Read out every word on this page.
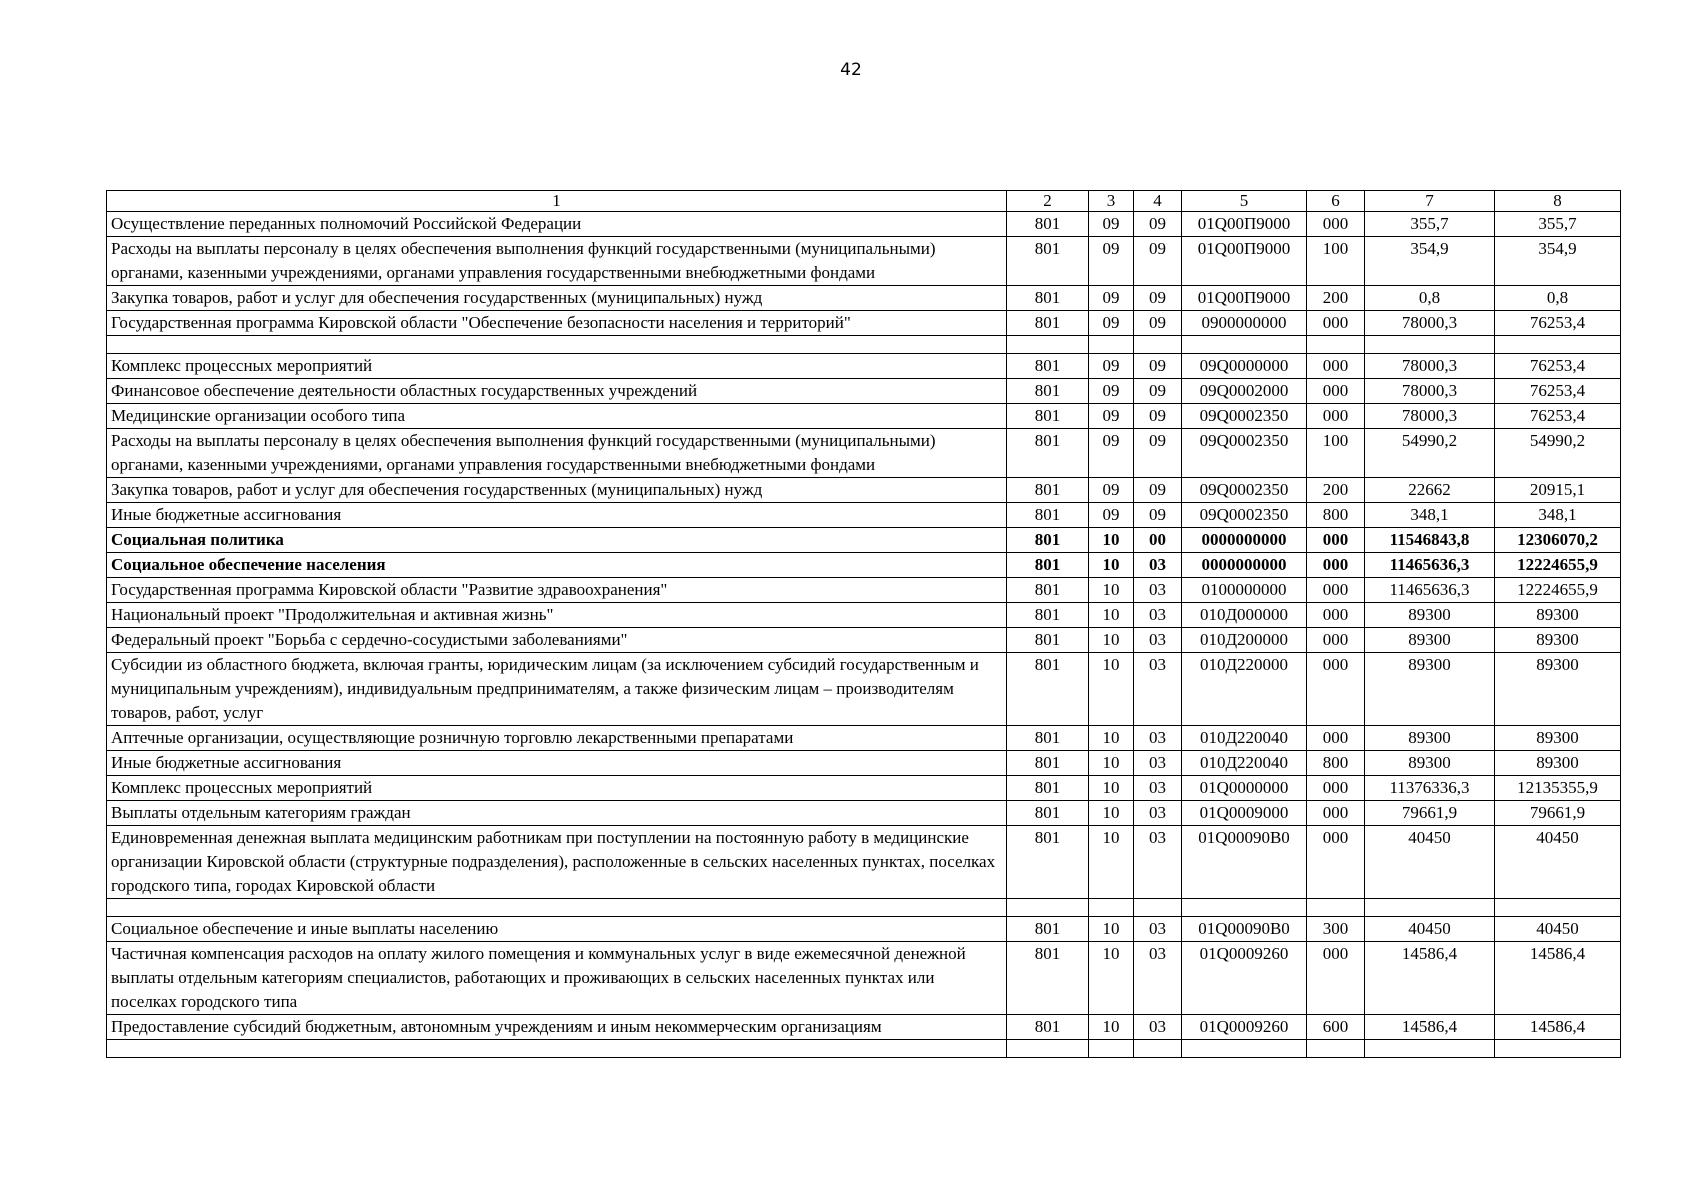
42
1	2	3	4	5	6	7	8
Осуществление переданных полномочий Российской Федерации	801	09	09	01Q00П9000	000	355,7	355,7
Расходы на выплаты персоналу в целях обеспечения выполнения функций государственными (муниципальными) органами, казенными учреждениями, органами управления государственными внебюджетными фондами	801	09	09	01Q00П9000	100	354,9	354,9
Закупка товаров, работ и услуг для обеспечения государственных (муниципальных) нужд	801	09	09	01Q00П9000	200	0,8	0,8
Государственная программа Кировской области "Обеспечение безопасности населения и территорий"	801	09	09	0900000000	000	78000,3	76253,4

Комплекс процессных мероприятий	801	09	09	09Q0000000	000	78000,3	76253,4
Финансовое обеспечение деятельности областных государственных учреждений	801	09	09	09Q0002000	000	78000,3	76253,4
Медицинские организации особого типа	801	09	09	09Q0002350	000	78000,3	76253,4
Расходы на выплаты персоналу в целях обеспечения выполнения функций государственными (муниципальными) органами, казенными учреждениями, органами управления государственными внебюджетными фондами	801	09	09	09Q0002350	100	54990,2	54990,2
Закупка товаров, работ и услуг для обеспечения государственных (муниципальных) нужд	801	09	09	09Q0002350	200	22662	20915,1
Иные бюджетные ассигнования	801	09	09	09Q0002350	800	348,1	348,1
Социальная политика	801	10	00	0000000000	000	11546843,8	12306070,2
Социальное обеспечение населения	801	10	03	0000000000	000	11465636,3	12224655,9
Государственная программа Кировской области "Развитие здравоохранения"	801	10	03	0100000000	000	11465636,3	12224655,9
Национальный проект "Продолжительная и активная жизнь"	801	10	03	010Д000000	000	89300	89300
Федеральный проект "Борьба с сердечно-сосудистыми заболеваниями"	801	10	03	010Д200000	000	89300	89300
Субсидии из областного бюджета, включая гранты, юридическим лицам (за исключением субсидий государственным и муниципальным учреждениям), индивидуальным предпринимателям, а также физическим лицам – производителям товаров, работ, услуг	801	10	03	010Д220000	000	89300	89300
Аптечные организации, осуществляющие розничную торговлю лекарственными препаратами	801	10	03	010Д220040	000	89300	89300
Иные бюджетные ассигнования	801	10	03	010Д220040	800	89300	89300
Комплекс процессных мероприятий	801	10	03	01Q0000000	000	11376336,3	12135355,9
Выплаты отдельным категориям граждан	801	10	03	01Q0009000	000	79661,9	79661,9
Единовременная денежная выплата медицинским работникам при поступлении на постоянную работу в медицинские организации Кировской области (структурные подразделения), расположенные в сельских населенных пунктах, поселках городского типа, городах Кировской области	801	10	03	01Q00090B0	000	40450	40450

Социальное обеспечение и иные выплаты населению	801	10	03	01Q00090B0	300	40450	40450
Частичная компенсация расходов на оплату жилого помещения и коммунальных услуг в виде ежемесячной денежной выплаты отдельным категориям специалистов, работающих и проживающих в сельских населенных пунктах или поселках городского типа	801	10	03	01Q0009260	000	14586,4	14586,4
Предоставление субсидий бюджетным, автономным учреждениям и иным некоммерческим организациям	801	10	03	01Q0009260	600	14586,4	14586,4
